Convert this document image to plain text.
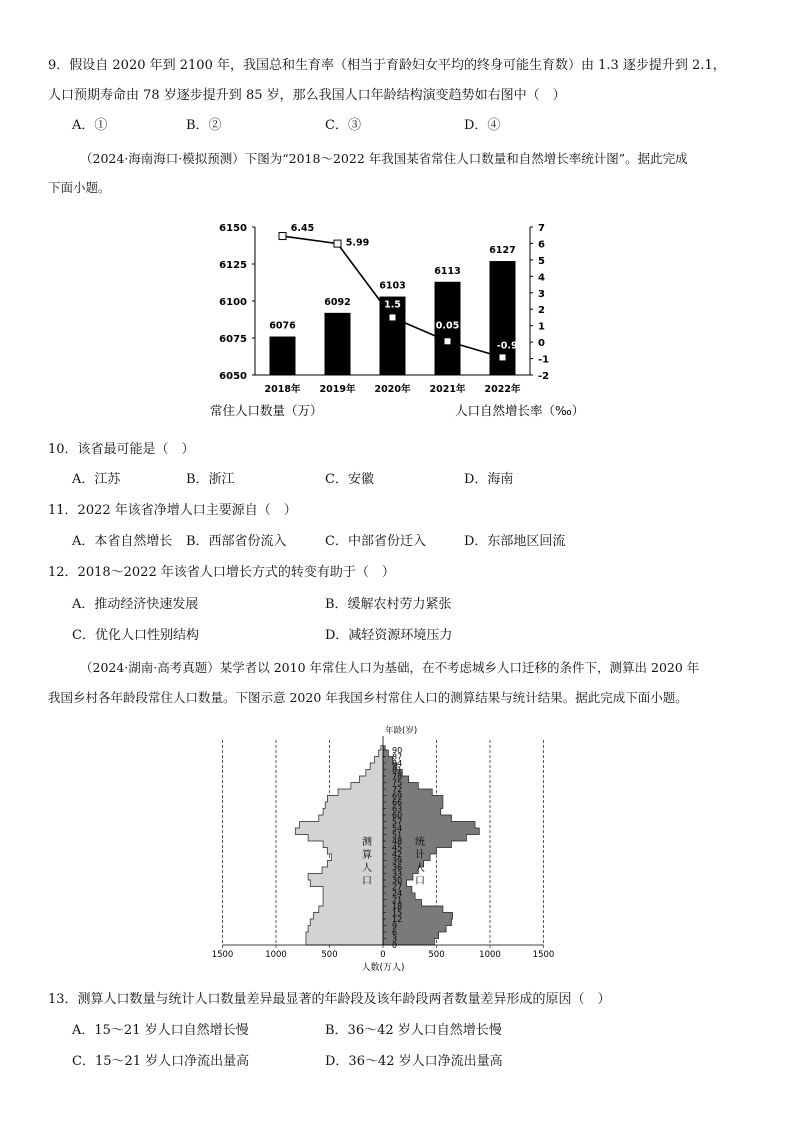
9．假设自 2020 年到 2100 年，我国总和生育率（相当于育龄妇女平均的终身可能生育数）由 1.3 逐步提升到 2.1，
人口预期寿命由 78 岁逐步提升到 85 岁，那么我国人口年龄结构演变趋势如右图中（　）
A．①	B．②	C．③	D．④
（2024·海南海口·模拟预测）下图为“2018～2022 年我国某省常住人口数量和自然增长率统计图”。据此完成
下面小题。
6150
6125
6100
6075
6050
7
6
5
4
3
2
1
0
-1
-2
6076
6092
6103
6113
6127
6.45
5.99
1.5
0.05
-0.93
2018年 2019年 2020年 2021年 2022年
常住人口数量（万）	人口自然增长率（‰）
10．该省最可能是（　）
A．江苏	B．浙江	C．安徽	D．海南
11．2022 年该省净增人口主要源自（　）
A．本省自然增长 B．西部省份流入	C．中部省份迁入	D．东部地区回流
12．2018～2022 年该省人口增长方式的转变有助于（　）
A．推动经济快速发展	B．缓解农村劳力紧张
C．优化人口性别结构	D．减轻资源环境压力
（2024·湖南·高考真题）某学者以 2010 年常住人口为基础，在不考虑城乡人口迁移的条件下，测算出 2020 年
我国乡村各年龄段常住人口数量。下图示意 2020 年我国乡村常住人口的测算结果与统计结果。据此完成下面小题。
0
3
6
9
12
15
18
21
24
27
30
33
36
39
42
45
48
51
54
57
60
63
66
69
72
75
78
81
84
87
90
年龄(岁)
1500	1000	500	0	500	1000	1500
人数(万人)
测
算
人
口
统
计
人
口
13．测算人口数量与统计人口数量差异最显著的年龄段及该年龄段两者数量差异形成的原因（　）
A．15～21 岁人口自然增长慢	B．36～42 岁人口自然增长慢
C．15～21 岁人口净流出量高	D．36～42 岁人口净流出量高
